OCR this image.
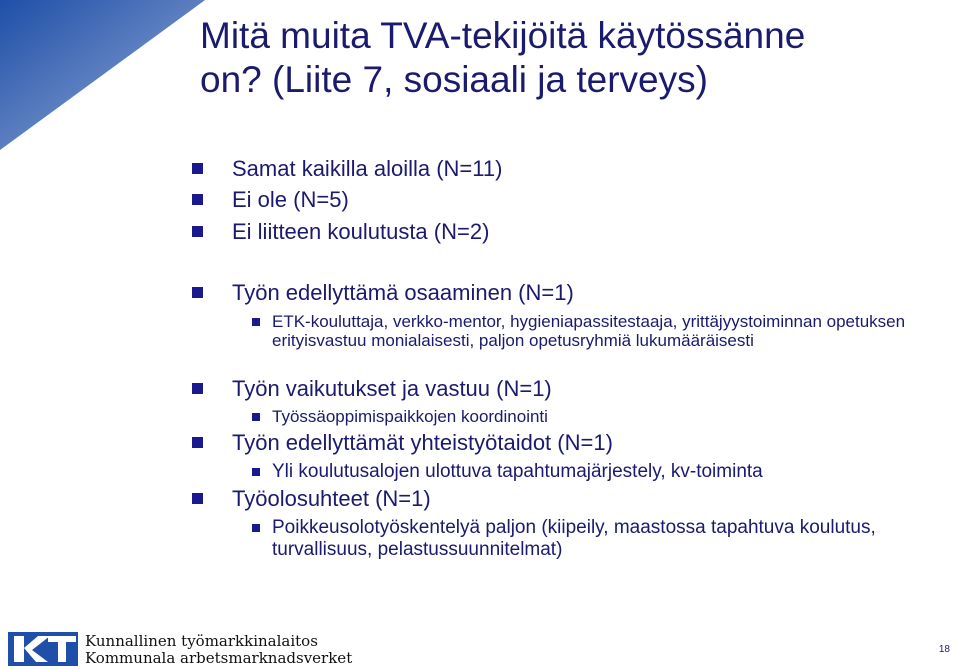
Mitä muita TVA-tekijöitä käytössänne
on? (Liite 7, sosiaali ja terveys)
Samat kaikilla aloilla (N=11)
Ei ole (N=5)
Ei liitteen koulutusta (N=2)
Työn edellyttämä osaaminen (N=1)
ETK-kouluttaja, verkko-mentor, hygieniapassitestaaja, yrittäjyystoiminnan opetuksen erityisvastuu monialaisesti, paljon opetusryhmiä lukumääräisesti
Työn vaikutukset ja vastuu (N=1)
Työssäoppimispaikkojen koordinointi
Työn edellyttämät yhteistyötaidot (N=1)
Yli koulutusalojen ulottuva tapahtumajärjestely, kv-toiminta
Työolosuhteet (N=1)
Poikkeusolotyöskentelyä paljon (kiipeily, maastossa tapahtuva koulutus, turvallisuus, pelastussuunnitelmat)
Kunnallinen työmarkkinalaitos
Kommunala arbetsmarknadsverket	18
